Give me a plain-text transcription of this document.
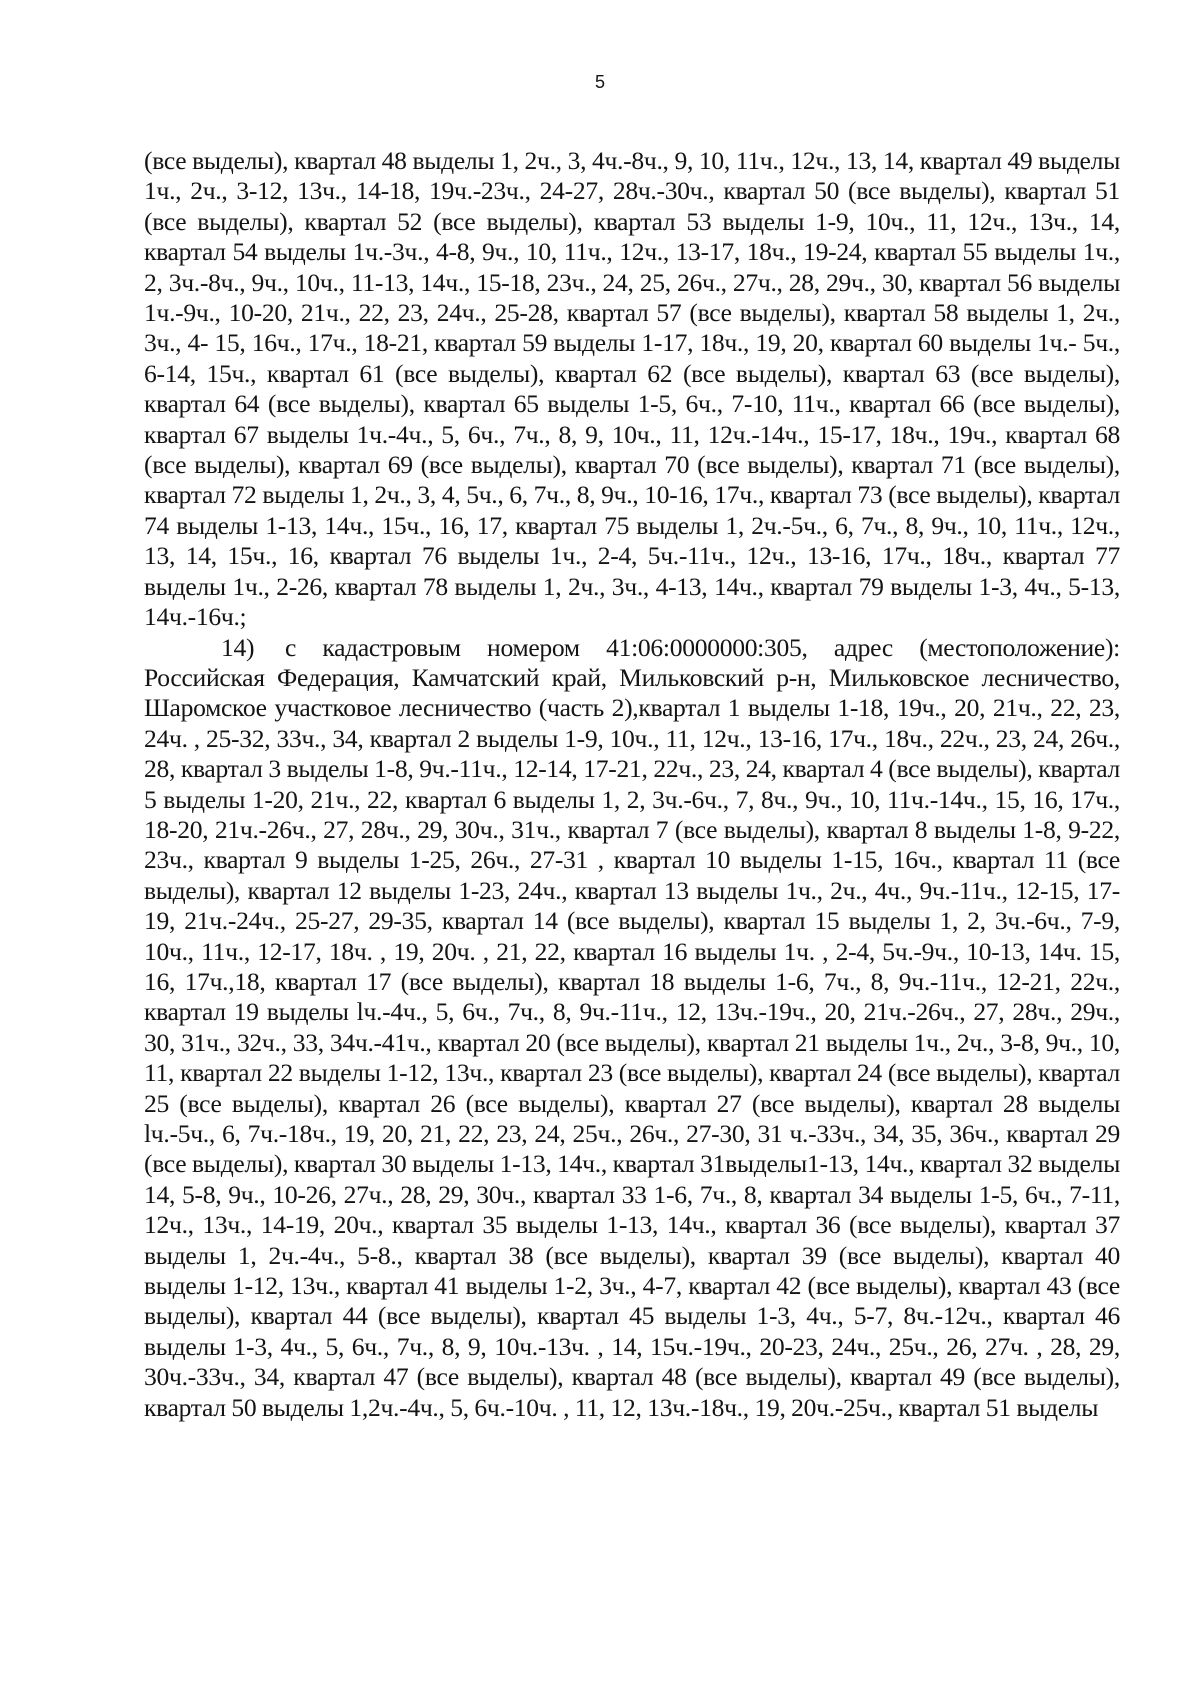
5

(все выделы), квартал 48 выделы 1, 2ч., 3, 4ч.-8ч., 9, 10, 11ч., 12ч., 13, 14, квартал 49 выделы 1ч., 2ч., 3-12, 13ч., 14-18, 19ч.-23ч., 24-27, 28ч.-30ч., квартал 50 (все выделы), квартал 51 (все выделы), квартал 52 (все выделы), квартал 53 выделы 1-9, 10ч., 11, 12ч., 13ч., 14, квартал 54 выделы 1ч.-3ч., 4-8, 9ч., 10, 11ч., 12ч., 13-17, 18ч., 19-24, квартал 55 выделы 1ч., 2, 3ч.-8ч., 9ч., 10ч., 11-13, 14ч., 15-18, 23ч., 24, 25, 26ч., 27ч., 28, 29ч., 30, квартал 56 выделы 1ч.-9ч., 10-20, 21ч., 22, 23, 24ч., 25-28, квартал 57 (все выделы), квартал 58 выделы 1, 2ч., 3ч., 4- 15, 16ч., 17ч., 18-21, квартал 59 выделы 1-17, 18ч., 19, 20, квартал 60 выделы 1ч.- 5ч., 6-14, 15ч., квартал 61 (все выделы), квартал 62 (все выделы), квартал 63 (все выделы), квартал 64 (все выделы), квартал 65 выделы 1-5, 6ч., 7-10, 11ч., квартал 66 (все выделы), квартал 67 выделы 1ч.-4ч., 5, 6ч., 7ч., 8, 9, 10ч., 11, 12ч.-14ч., 15-17, 18ч., 19ч., квартал 68 (все выделы), квартал 69 (все выделы), квартал 70 (все выделы), квартал 71 (все выделы), квартал 72 выделы 1, 2ч., 3, 4, 5ч., 6, 7ч., 8, 9ч., 10-16, 17ч., квартал 73 (все выделы), квартал 74 выделы 1-13, 14ч., 15ч., 16, 17, квартал 75 выделы 1, 2ч.-5ч., 6, 7ч., 8, 9ч., 10, 11ч., 12ч., 13, 14, 15ч., 16, квартал 76 выделы 1ч., 2-4, 5ч.-11ч., 12ч., 13-16, 17ч., 18ч., квартал 77 выделы 1ч., 2-26, квартал 78 выделы 1, 2ч., 3ч., 4-13, 14ч., квартал 79 выделы 1-3, 4ч., 5-13, 14ч.-16ч.;

14) с кадастровым номером 41:06:0000000:305, адрес (местоположение): Российская Федерация, Камчатский край, Мильковский р-н, Мильковское лесничество, Шаромское участковое лесничество (часть 2),квартал 1 выделы 1-18, 19ч., 20, 21ч., 22, 23, 24ч. , 25-32, 33ч., 34, квартал 2 выделы 1-9, 10ч., 11, 12ч., 13-16, 17ч., 18ч., 22ч., 23, 24, 26ч., 28, квартал 3 выделы 1-8, 9ч.-11ч., 12-14, 17-21, 22ч., 23, 24, квартал 4 (все выделы), квартал 5 выделы 1-20, 21ч., 22, квартал 6 выделы 1, 2, 3ч.-6ч., 7, 8ч., 9ч., 10, 11ч.-14ч., 15, 16, 17ч., 18-20, 21ч.-26ч., 27, 28ч., 29, 30ч., 31ч., квартал 7 (все выделы), квартал 8 выделы 1-8, 9-22, 23ч., квартал 9 выделы 1-25, 26ч., 27-31 , квартал 10 выделы 1-15, 16ч., квартал 11 (все выделы), квартал 12 выделы 1-23, 24ч., квартал 13 выделы 1ч., 2ч., 4ч., 9ч.-11ч., 12-15, 17-19, 21ч.-24ч., 25-27, 29-35, квартал 14 (все выделы), квартал 15 выделы 1, 2, 3ч.-6ч., 7-9, 10ч., 11ч., 12-17, 18ч. , 19, 20ч. , 21, 22, квартал 16 выделы 1ч. , 2-4, 5ч.-9ч., 10-13, 14ч. 15, 16, 17ч.,18, квартал 17 (все выделы), квартал 18 выделы 1-6, 7ч., 8, 9ч.-11ч., 12-21, 22ч., квартал 19 выделы lч.-4ч., 5, 6ч., 7ч., 8, 9ч.-11ч., 12, 13ч.-19ч., 20, 21ч.-26ч., 27, 28ч., 29ч., 30, 31ч., 32ч., 33, 34ч.-41ч., квартал 20 (все выделы), квартал 21 выделы 1ч., 2ч., 3-8, 9ч., 10, 11, квартал 22 выделы 1-12, 13ч., квартал 23 (все выделы), квартал 24 (все выделы), квартал 25 (все выделы), квартал 26 (все выделы), квартал 27 (все выделы), квартал 28 выделы lч.-5ч., 6, 7ч.-18ч., 19, 20, 21, 22, 23, 24, 25ч., 26ч., 27-30, 31 ч.-33ч., 34, 35, 36ч., квартал 29 (все выделы), квартал 30 выделы 1-13, 14ч., квартал 31выделы1-13, 14ч., квартал 32 выделы 14, 5-8, 9ч., 10-26, 27ч., 28, 29, 30ч., квартал 33 1-6, 7ч., 8, квартал 34 выделы 1-5, 6ч., 7-11, 12ч., 13ч., 14-19, 20ч., квартал 35 выделы 1-13, 14ч., квартал 36 (все выделы), квартал 37 выделы 1, 2ч.-4ч., 5-8., квартал 38 (все выделы), квартал 39 (все выделы), квартал 40 выделы 1-12, 13ч., квартал 41 выделы 1-2, 3ч., 4-7, квартал 42 (все выделы), квартал 43 (все выделы), квартал 44 (все выделы), квартал 45 выделы 1-3, 4ч., 5-7, 8ч.-12ч., квартал 46 выделы 1-3, 4ч., 5, 6ч., 7ч., 8, 9, 10ч.-13ч. , 14, 15ч.-19ч., 20-23, 24ч., 25ч., 26, 27ч. , 28, 29, 30ч.-33ч., 34, квартал 47 (все выделы), квартал 48 (все выделы), квартал 49 (все выделы), квартал 50 выделы 1,2ч.-4ч., 5, 6ч.-10ч. , 11, 12, 13ч.-18ч., 19, 20ч.-25ч., квартал 51 выделы
